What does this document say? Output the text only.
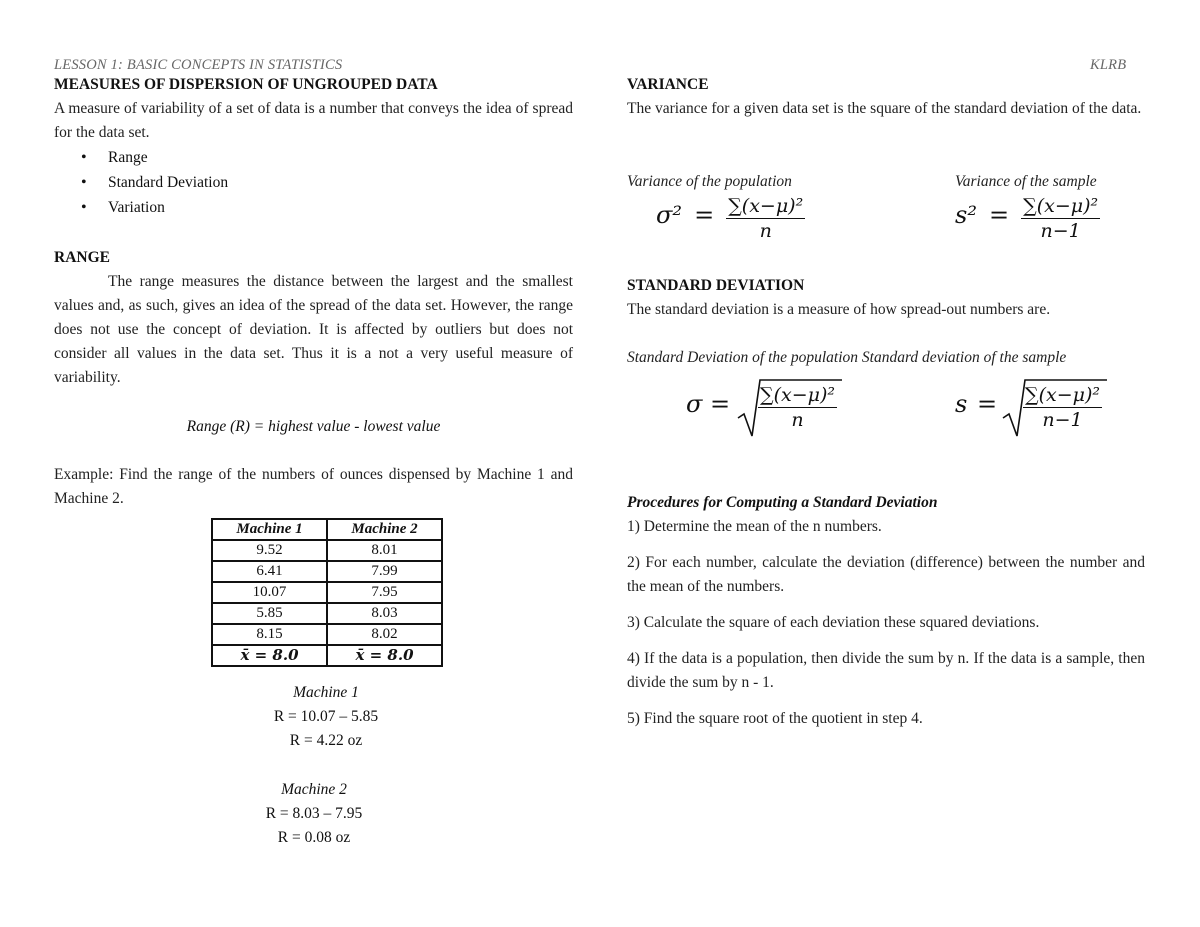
LESSON 1: BASIC CONCEPTS IN STATISTICS	KLRB
MEASURES OF DISPERSION OF UNGROUPED DATA
A measure of variability of a set of data is a number that conveys the idea of spread for the data set.
• Range
• Standard Deviation
• Variation
RANGE
The range measures the distance between the largest and the smallest values and, as such, gives an idea of the spread of the data set. However, the range does not use the concept of deviation. It is affected by outliers but does not consider all values in the data set. Thus it is a not a very useful measure of variability.
Range (R) = highest value - lowest value
Example: Find the range of the numbers of ounces dispensed by Machine 1 and Machine 2.
Machine 1	Machine 2
9.52	8.01
6.41	7.99
10.07	7.95
5.85	8.03
8.15	8.02
x̄ = 8.0	x̄ = 8.0
Machine 1
R = 10.07 – 5.85
R = 4.22 oz
Machine 2
R = 8.03 – 7.95
R = 0.08 oz
VARIANCE
The variance for a given data set is the square of the standard deviation of the data.
Variance of the population	Variance of the sample
$\sigma^2 = \frac{\text{∑(x−μ)²}}{n}$	$s^2 = \frac{\text{∑(x−μ)²}}{n-1}$
STANDARD DEVIATION
The standard deviation is a measure of how spread-out numbers are.
Standard Deviation of the population Standard deviation of the sample
$\sigma = \frac{\text{∑(x−μ)²}}{n}$	$s = \frac{\text{∑(x−μ)²}}{n-1}$
Procedures for Computing a Standard Deviation
1) Determine the mean of the n numbers.
2) For each number, calculate the deviation (difference) between the number and the mean of the numbers.
3) Calculate the square of each deviation these squared deviations.
4) If the data is a population, then divide the sum by n. If the data is a sample, then divide the sum by n - 1.
5) Find the square root of the quotient in step 4.
